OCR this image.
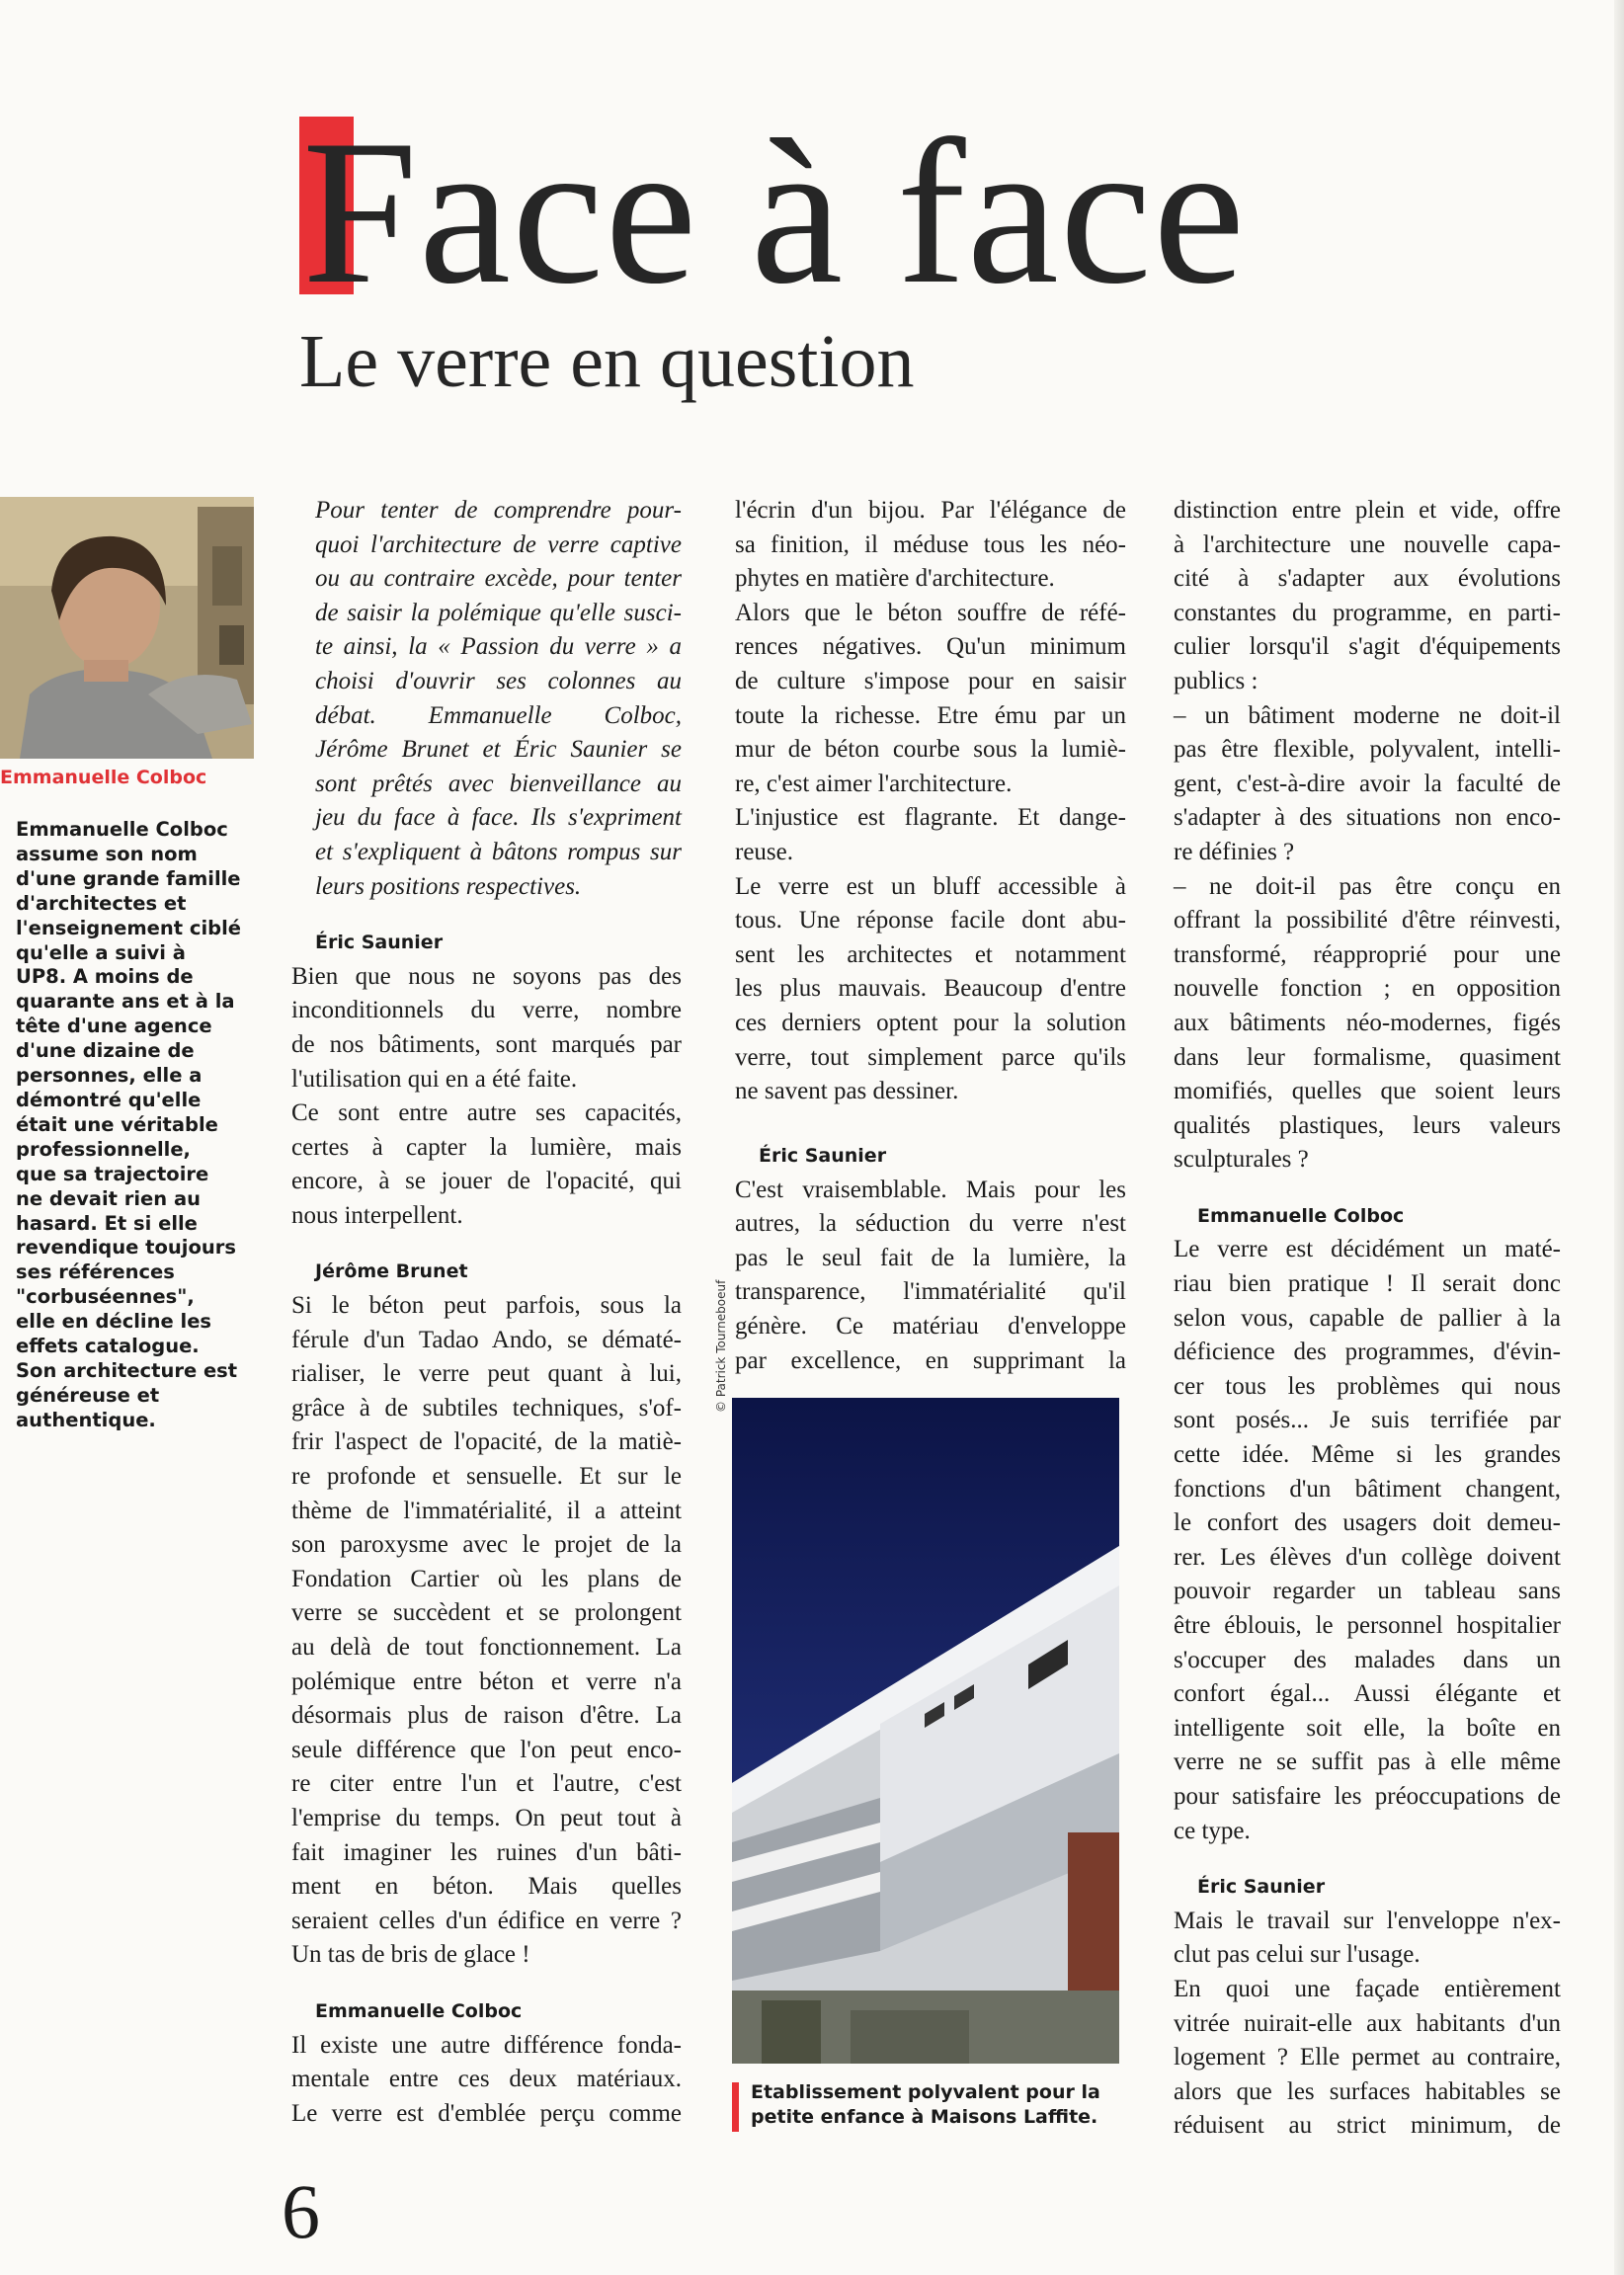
Face à face
Le verre en question
Emmanuelle Colboc
Emmanuelle Colboc
assume son nom
d'une grande famille
d'architectes et
l'enseignement ciblé
qu'elle a suivi à
UP8. A moins de
quarante ans et à la
tête d'une agence
d'une dizaine de
personnes, elle a
démontré qu'elle
était une véritable
professionnelle,
que sa trajectoire
ne devait rien au
hasard. Et si elle
revendique toujours
ses références
"corbuséennes",
elle en décline les
effets catalogue.
Son architecture est
généreuse et
authentique.
Pour tenter de comprendre pour-
quoi l'architecture de verre captive
ou au contraire excède, pour tenter
de saisir la polémique qu'elle susci-
te ainsi, la « Passion du verre » a
choisi d'ouvrir ses colonnes au
débat. Emmanuelle Colboc,
Jérôme Brunet et Éric Saunier se
sont prêtés avec bienveillance au
jeu du face à face. Ils s'expriment
et s'expliquent à bâtons rompus sur
leurs positions respectives.
Éric Saunier
Bien que nous ne soyons pas des
inconditionnels du verre, nombre
de nos bâtiments, sont marqués par
l'utilisation qui en a été faite.
Ce sont entre autre ses capacités,
certes à capter la lumière, mais
encore, à se jouer de l'opacité, qui
nous interpellent.
Jérôme Brunet
Si le béton peut parfois, sous la
férule d'un Tadao Ando, se dématé-
rialiser, le verre peut quant à lui,
grâce à de subtiles techniques, s'of-
frir l'aspect de l'opacité, de la matiè-
re profonde et sensuelle. Et sur le
thème de l'immatérialité, il a atteint
son paroxysme avec le projet de la
Fondation Cartier où les plans de
verre se succèdent et se prolongent
au delà de tout fonctionnement. La
polémique entre béton et verre n'a
désormais plus de raison d'être. La
seule différence que l'on peut enco-
re citer entre l'un et l'autre, c'est
l'emprise du temps. On peut tout à
fait imaginer les ruines d'un bâti-
ment en béton. Mais quelles
seraient celles d'un édifice en verre ?
Un tas de bris de glace !
Emmanuelle Colboc
Il existe une autre différence fonda-
mentale entre ces deux matériaux.
Le verre est d'emblée perçu comme
l'écrin d'un bijou. Par l'élégance de
sa finition, il méduse tous les néo-
phytes en matière d'architecture.
Alors que le béton souffre de réfé-
rences négatives. Qu'un minimum
de culture s'impose pour en saisir
toute la richesse. Etre ému par un
mur de béton courbe sous la lumiè-
re, c'est aimer l'architecture.
L'injustice est flagrante. Et dange-
reuse.
Le verre est un bluff accessible à
tous. Une réponse facile dont abu-
sent les architectes et notamment
les plus mauvais. Beaucoup d'entre
ces derniers optent pour la solution
verre, tout simplement parce qu'ils
ne savent pas dessiner.
Éric Saunier
C'est vraisemblable. Mais pour les
autres, la séduction du verre n'est
pas le seul fait de la lumière, la
transparence, l'immatérialité qu'il
génère. Ce matériau d'enveloppe
par excellence, en supprimant la
© Patrick Tourneboeuf
Etablissement polyvalent pour la
petite enfance à Maisons Laffite.
distinction entre plein et vide, offre
à l'architecture une nouvelle capa-
cité à s'adapter aux évolutions
constantes du programme, en parti-
culier lorsqu'il s'agit d'équipements
publics :
– un bâtiment moderne ne doit-il
pas être flexible, polyvalent, intelli-
gent, c'est-à-dire avoir la faculté de
s'adapter à des situations non enco-
re définies ?
– ne doit-il pas être conçu en
offrant la possibilité d'être réinvesti,
transformé, réapproprié pour une
nouvelle fonction ; en opposition
aux bâtiments néo-modernes, figés
dans leur formalisme, quasiment
momifiés, quelles que soient leurs
qualités plastiques, leurs valeurs
sculpturales ?
Emmanuelle Colboc
Le verre est décidément un maté-
riau bien pratique ! Il serait donc
selon vous, capable de pallier à la
déficience des programmes, d'évin-
cer tous les problèmes qui nous
sont posés... Je suis terrifiée par
cette idée. Même si les grandes
fonctions d'un bâtiment changent,
le confort des usagers doit demeu-
rer. Les élèves d'un collège doivent
pouvoir regarder un tableau sans
être éblouis, le personnel hospitalier
s'occuper des malades dans un
confort égal... Aussi élégante et
intelligente soit elle, la boîte en
verre ne se suffit pas à elle même
pour satisfaire les préoccupations de
ce type.
Éric Saunier
Mais le travail sur l'enveloppe n'ex-
clut pas celui sur l'usage.
En quoi une façade entièrement
vitrée nuirait-elle aux habitants d'un
logement ? Elle permet au contraire,
alors que les surfaces habitables se
réduisent au strict minimum, de
6
